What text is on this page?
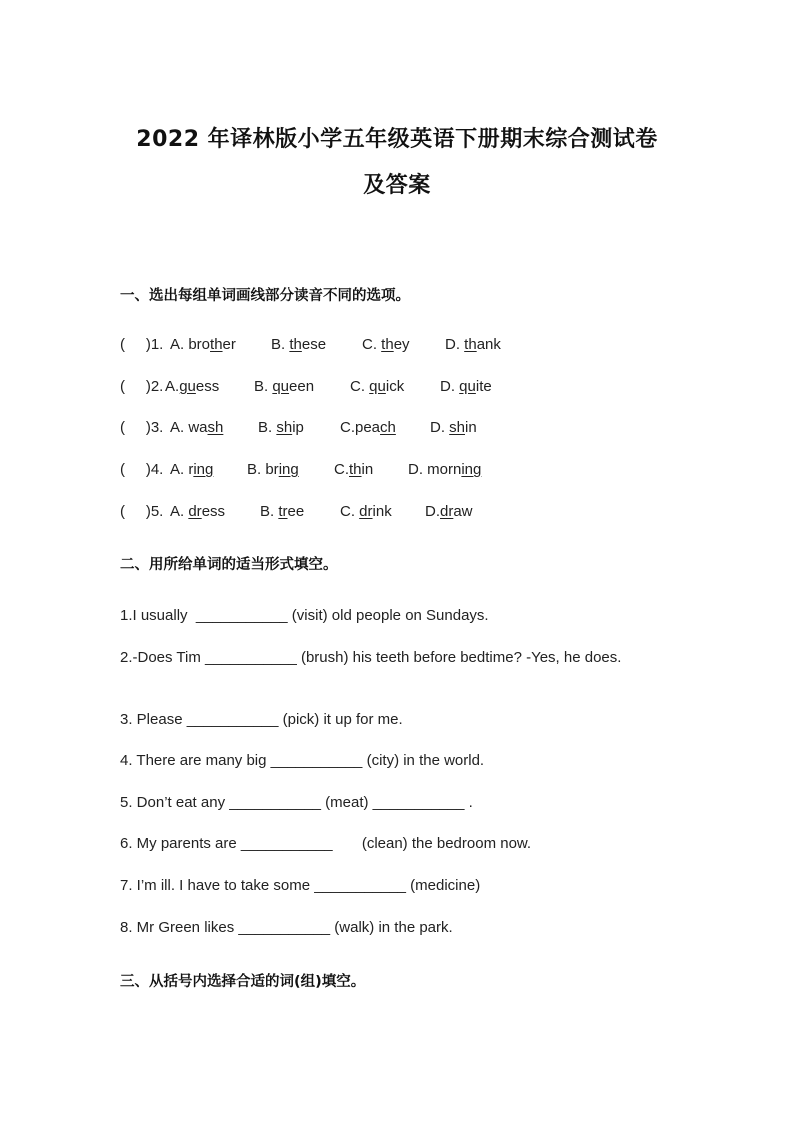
2022 年译林版小学五年级英语下册期末综合测试卷
及答案
一、选出每组单词画线部分读音不同的选项。
(     )1. A. brother B. these C. they D. thank
(     )2. A.guess B. queen C. quick D. quite
(     )3. A. wash B. ship C.peach D. shin
(     )4. A. ring B. bring C.thin D. morning
(     )5. A. dress B. tree C. drink D.draw
二、用所给单词的适当形式填空。
1.I usually  ___________ (visit) old people on Sundays.
2.-Does Tim ___________ (brush) his teeth before bedtime? -Yes, he does.
3. Please ___________ (pick) it up for me.
4. There are many big ___________ (city) in the world.
5. Don’t eat any ___________ (meat) ___________ .
6. My parents are ___________       (clean) the bedroom now.
7. I’m ill. I have to take some ___________ (medicine)
8. Mr Green likes ___________ (walk) in the park.
三、从括号内选择合适的词(组)填空。
